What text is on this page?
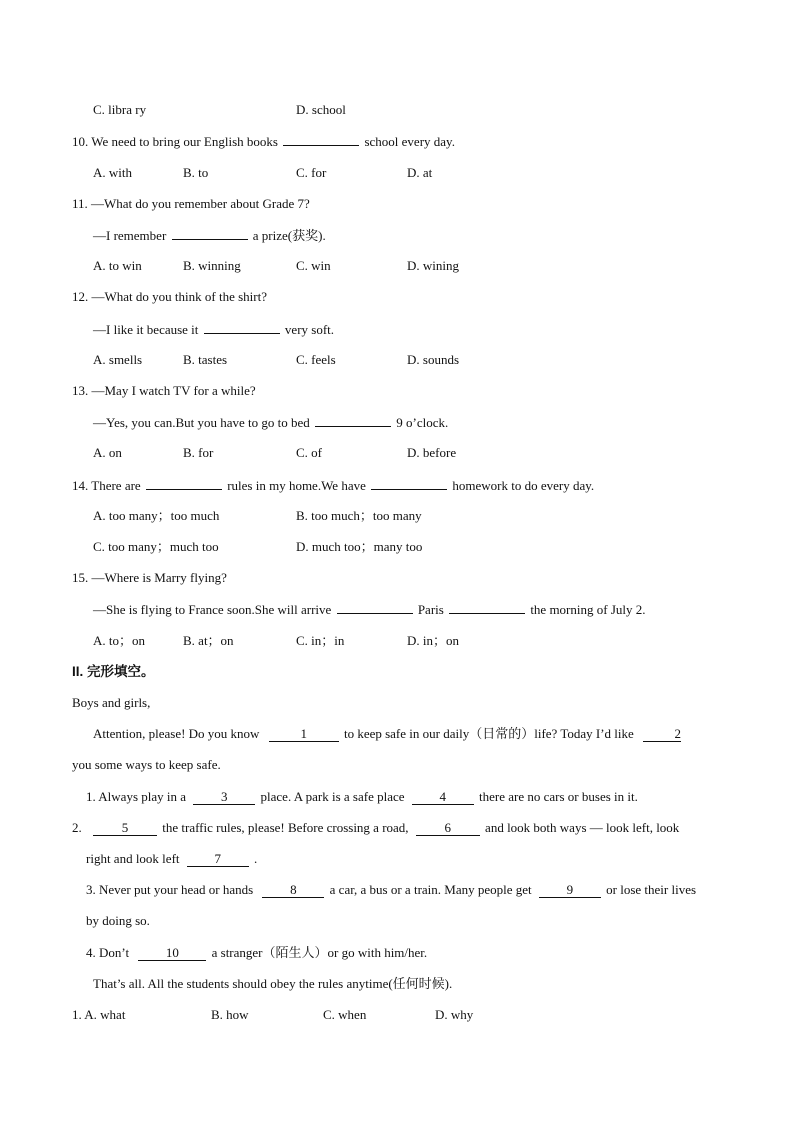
C. libra ry	D. school
10. We need to bring our English books	school every day.
A. with	B. to	C. for	D. at
11. —What do you remember about Grade 7?
—I remember	a prize(获奖).
A. to win	B. winning	C. win	D. wining
12. —What do you think of the shirt?
—I like it because it	very soft.
A. smells	B. tastes	C. feels	D. sounds
13. —May I watch TV for a while?
—Yes, you can.But you have to go to bed	9 o’clock.
A. on	B. for	C. of	D. before
14. There are	rules in my home.We have	homework to do every day.
A. too many；too much	B. too much；too many
C. too many；much too	D. much too；many too
15. —Where is Marry flying?
—She is flying to France soon.She will arrive	Paris	the morning of July 2.
A. to；on	B. at；on	C. in；in	D. in；on
II. 完形填空。
Boys and girls,
Attention, please! Do you know	1	to keep safe in our daily（日常的）life? Today I’d like	2
you some ways to keep safe.
1. Always play in a	3	place. A park is a safe place	4	there are no cars or buses in it.
2.	5	the traffic rules, please! Before crossing a road,	6	and look both ways — look left, look
right and look left	7	.
3. Never put your head or hands	8	a car, a bus or a train. Many people get	9	or lose their lives
by doing so.
4. Don’t	10	a stranger（陌生人）or go with him/her.
That’s all. All the students should obey the rules anytime(任何时候).
1. A. what	B. how	C. when	D. why
